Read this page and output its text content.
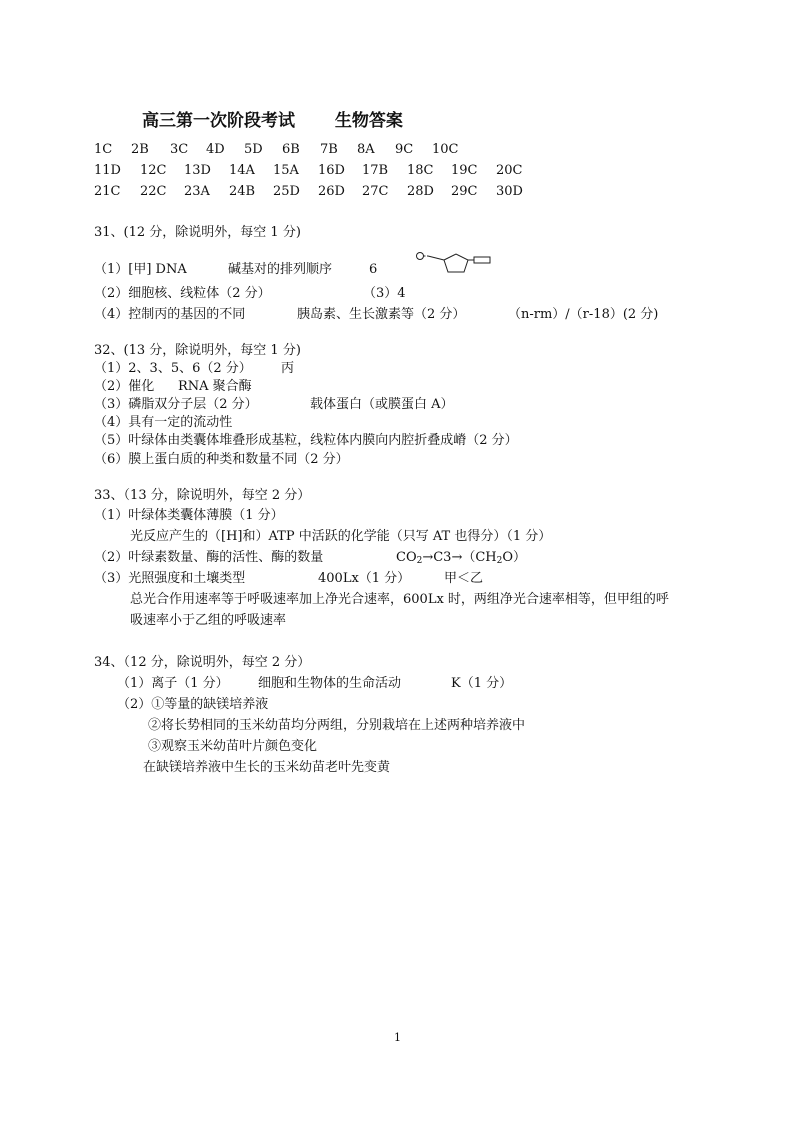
高三第一次阶段考试 生物答案
1C 2B 3C 4D 5D 6B 7B 8A 9C 10C
11D 12C 13D 14A 15A 16D 17B 18C 19C 20C
21C 22C 23A 24B 25D 26D 27C 28D 29C 30D
31、(12 分，除说明外，每空 1 分)
（1）[甲] DNA	碱基对的排列顺序	6
（2）细胞核、线粒体（2 分）	（3）4
（4）控制丙的基因的不同	胰岛素、生长激素等（2 分）	（n-rm）/（r-18）(2 分)
32、(13 分，除说明外，每空 1 分)
（1）2、3、5、6（2 分） 丙
（2）催化 RNA 聚合酶
（3）磷脂双分子层（2 分）	载体蛋白（或膜蛋白 A）
（4）具有一定的流动性
（5）叶绿体由类囊体堆叠形成基粒，线粒体内膜向内腔折叠成嵴（2 分）
（6）膜上蛋白质的种类和数量不同（2 分）
33、（13 分，除说明外，每空 2 分）
（1）叶绿体类囊体薄膜（1 分）
光反应产生的（[H]和）ATP 中活跃的化学能（只写 AT 也得分）（1 分）
（2）叶绿素数量、酶的活性、酶的数量	$CO_2\to C3\to(CH_2O)$
（3）光照强度和土壤类型	400Lx（1 分）	甲＜乙
总光合作用速率等于呼吸速率加上净光合速率，600Lx 时，两组净光合速率相等，但甲组的呼
吸速率小于乙组的呼吸速率
34、（12 分，除说明外，每空 2 分）
（1）离子（1 分） 细胞和生物体的生命活动	K（1 分）
（2）①等量的缺镁培养液
②将长势相同的玉米幼苗均分两组，分别栽培在上述两种培养液中
③观察玉米幼苗叶片颜色变化
在缺镁培养液中生长的玉米幼苗老叶先变黄
1
